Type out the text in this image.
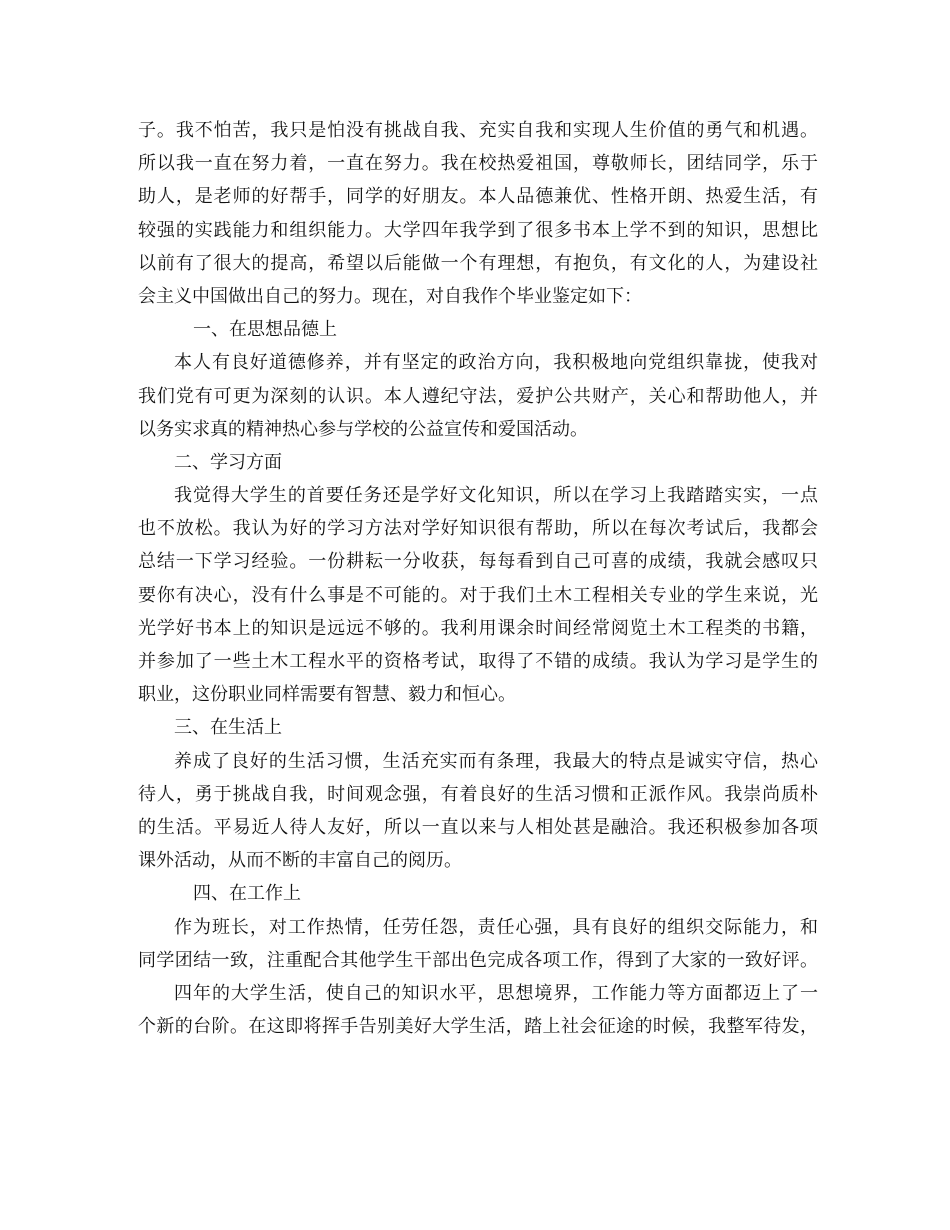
子。我不怕苦，我只是怕没有挑战自我、充实自我和实现人生价值的勇气和机遇。
所以我一直在努力着，一直在努力。我在校热爱祖国，尊敬师长，团结同学，乐于
助人，是老师的好帮手，同学的好朋友。本人品德兼优、性格开朗、热爱生活，有
较强的实践能力和组织能力。大学四年我学到了很多书本上学不到的知识，思想比
以前有了很大的提高，希望以后能做一个有理想，有抱负，有文化的人，为建设社
会主义中国做出自己的努力。现在，对自我作个毕业鉴定如下：
一、在思想品德上
本人有良好道德修养，并有坚定的政治方向，我积极地向党组织靠拢，使我对
我们党有可更为深刻的认识。本人遵纪守法，爱护公共财产，关心和帮助他人，并
以务实求真的精神热心参与学校的公益宣传和爱国活动。
二、学习方面
我觉得大学生的首要任务还是学好文化知识，所以在学习上我踏踏实实，一点
也不放松。我认为好的学习方法对学好知识很有帮助，所以在每次考试后，我都会
总结一下学习经验。一份耕耘一分收获，每每看到自己可喜的成绩，我就会感叹只
要你有决心，没有什么事是不可能的。对于我们土木工程相关专业的学生来说，光
光学好书本上的知识是远远不够的。我利用课余时间经常阅览土木工程类的书籍，
并参加了一些土木工程水平的资格考试，取得了不错的成绩。我认为学习是学生的
职业，这份职业同样需要有智慧、毅力和恒心。
三、在生活上
养成了良好的生活习惯，生活充实而有条理，我最大的特点是诚实守信，热心
待人，勇于挑战自我，时间观念强，有着良好的生活习惯和正派作风。我崇尚质朴
的生活。平易近人待人友好，所以一直以来与人相处甚是融洽。我还积极参加各项
课外活动，从而不断的丰富自己的阅历。
四、在工作上
作为班长，对工作热情，任劳任怨，责任心强，具有良好的组织交际能力，和
同学团结一致，注重配合其他学生干部出色完成各项工作，得到了大家的一致好评。
四年的大学生活，使自己的知识水平，思想境界，工作能力等方面都迈上了一
个新的台阶。在这即将挥手告别美好大学生活，踏上社会征途的时候，我整军待发，
